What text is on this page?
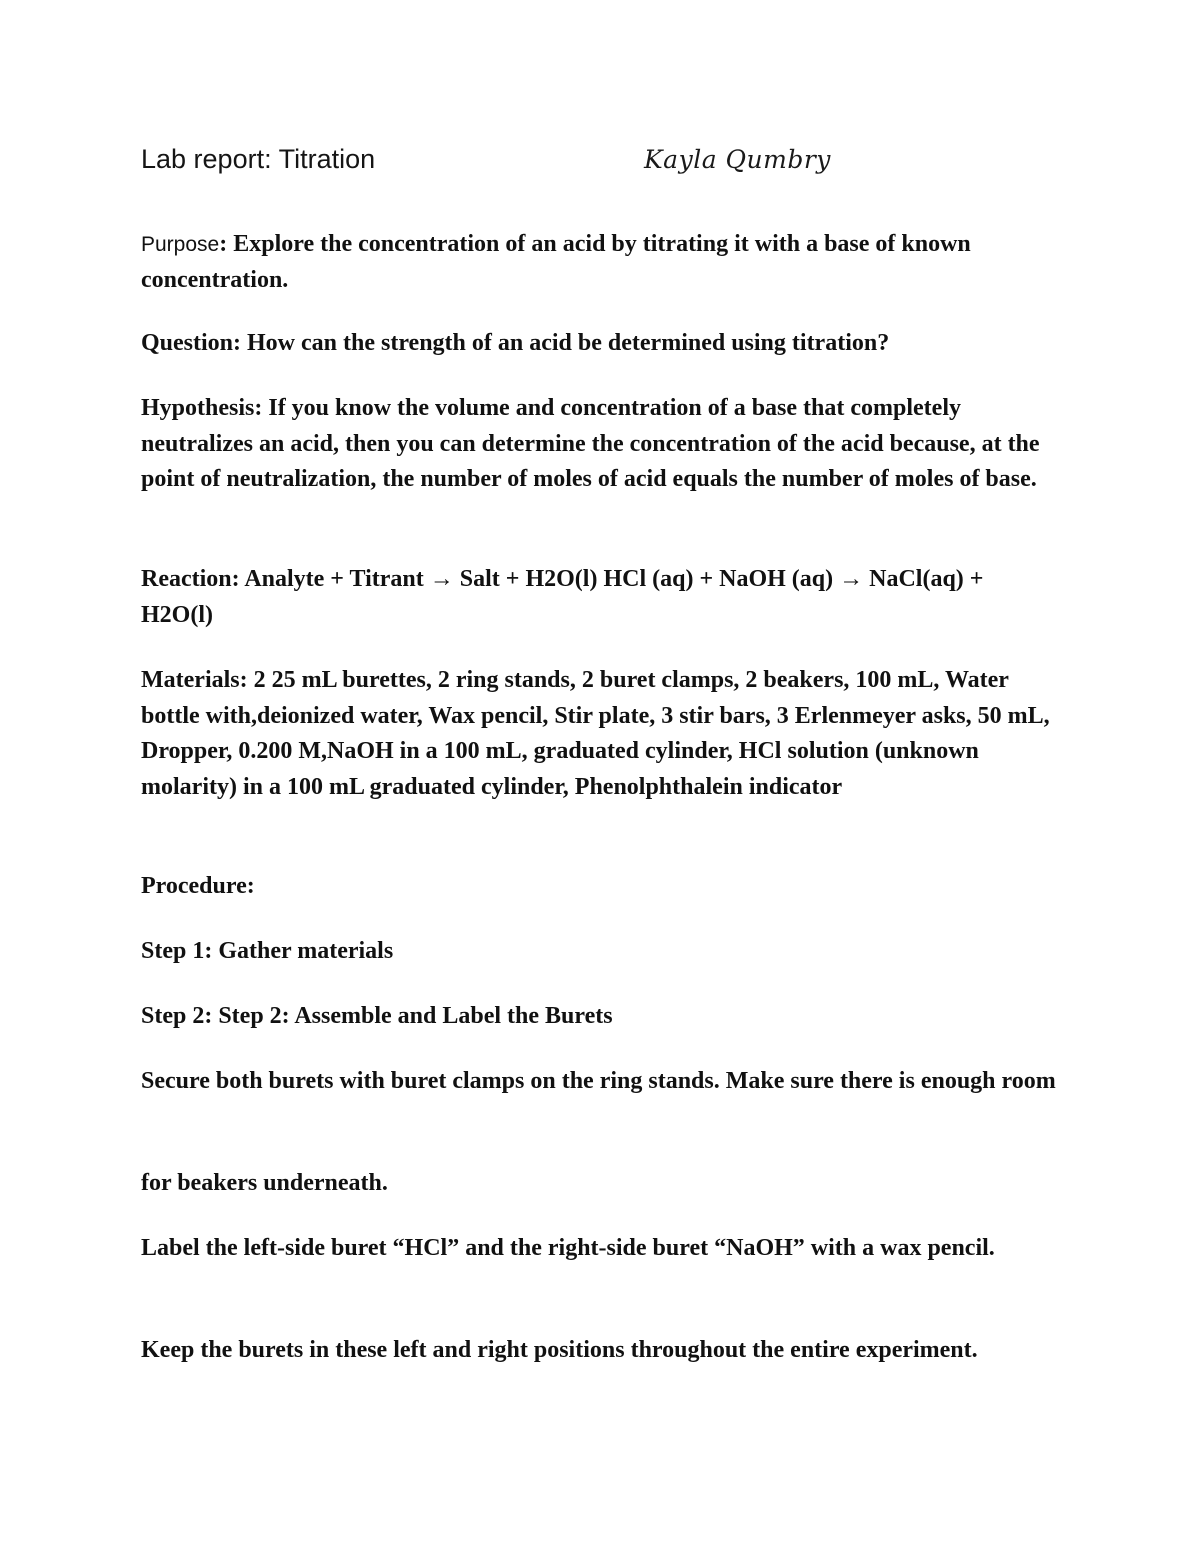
Lab report: Titration	Kayla Qumbry

Purpose: Explore the concentration of an acid by titrating it with a base of known concentration.

Question: How can the strength of an acid be determined using titration?

Hypothesis: If you know the volume and concentration of a base that completely neutralizes an acid, then you can determine the concentration of the acid because, at the point of neutralization, the number of moles of acid equals the number of moles of base.

Reaction: Analyte + Titrant → Salt + H2O(l) HCl (aq) + NaOH (aq) → NaCl(aq) + H2O(l)

Materials: 2 25 mL burettes, 2 ring stands, 2 buret clamps, 2 beakers, 100 mL, Water bottle with,deionized water, Wax pencil, Stir plate, 3 stir bars, 3 Erlenmeyer asks, 50 mL, Dropper, 0.200 M,NaOH in a 100 mL, graduated cylinder, HCl solution (unknown molarity) in a 100 mL graduated cylinder, Phenolphthalein indicator

Procedure:

Step 1: Gather materials

Step 2: Step 2: Assemble and Label the Burets

Secure both burets with buret clamps on the ring stands. Make sure there is enough room

for beakers underneath.

Label the left-side buret “HCl” and the right-side buret “NaOH” with a wax pencil.

Keep the burets in these left and right positions throughout the entire experiment.
